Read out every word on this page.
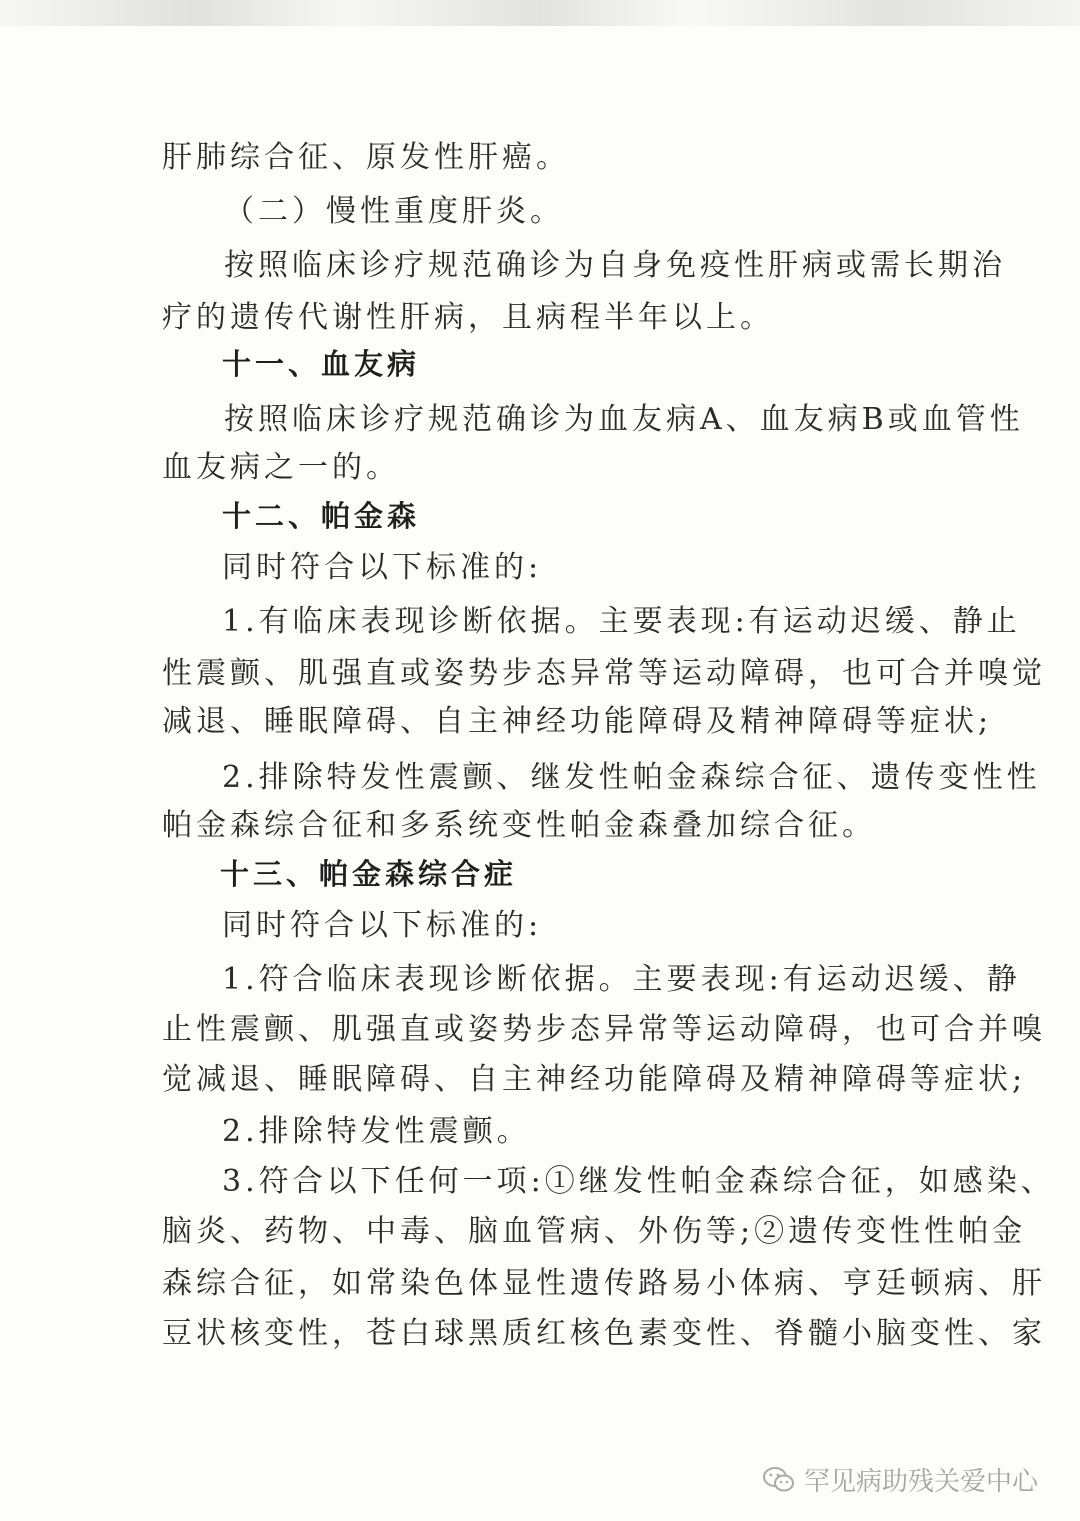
肝肺综合征、原发性肝癌。

（二）慢性重度肝炎。

按照临床诊疗规范确诊为自身免疫性肝病或需长期治

疗的遗传代谢性肝病，且病程半年以上。

十一、血友病

按照临床诊疗规范确诊为血友病A、血友病B或血管性

血友病之一的。

十二、帕金森

同时符合以下标准的:

1.有临床表现诊断依据。主要表现:有运动迟缓、静止

性震颤、肌强直或姿势步态异常等运动障碍，也可合并嗅觉

减退、睡眠障碍、自主神经功能障碍及精神障碍等症状;

2.排除特发性震颤、继发性帕金森综合征、遗传变性性

帕金森综合征和多系统变性帕金森叠加综合征。

十三、帕金森综合症

同时符合以下标准的:

1.符合临床表现诊断依据。主要表现:有运动迟缓、静

止性震颤、肌强直或姿势步态异常等运动障碍，也可合并嗅

觉减退、睡眠障碍、自主神经功能障碍及精神障碍等症状;

2.排除特发性震颤。

3.符合以下任何一项:①继发性帕金森综合征，如感染、

脑炎、药物、中毒、脑血管病、外伤等;②遗传变性性帕金

森综合征，如常染色体显性遗传路易小体病、亨廷顿病、肝

豆状核变性，苍白球黑质红核色素变性、脊髓小脑变性、家

罕见病助残关爱中心
